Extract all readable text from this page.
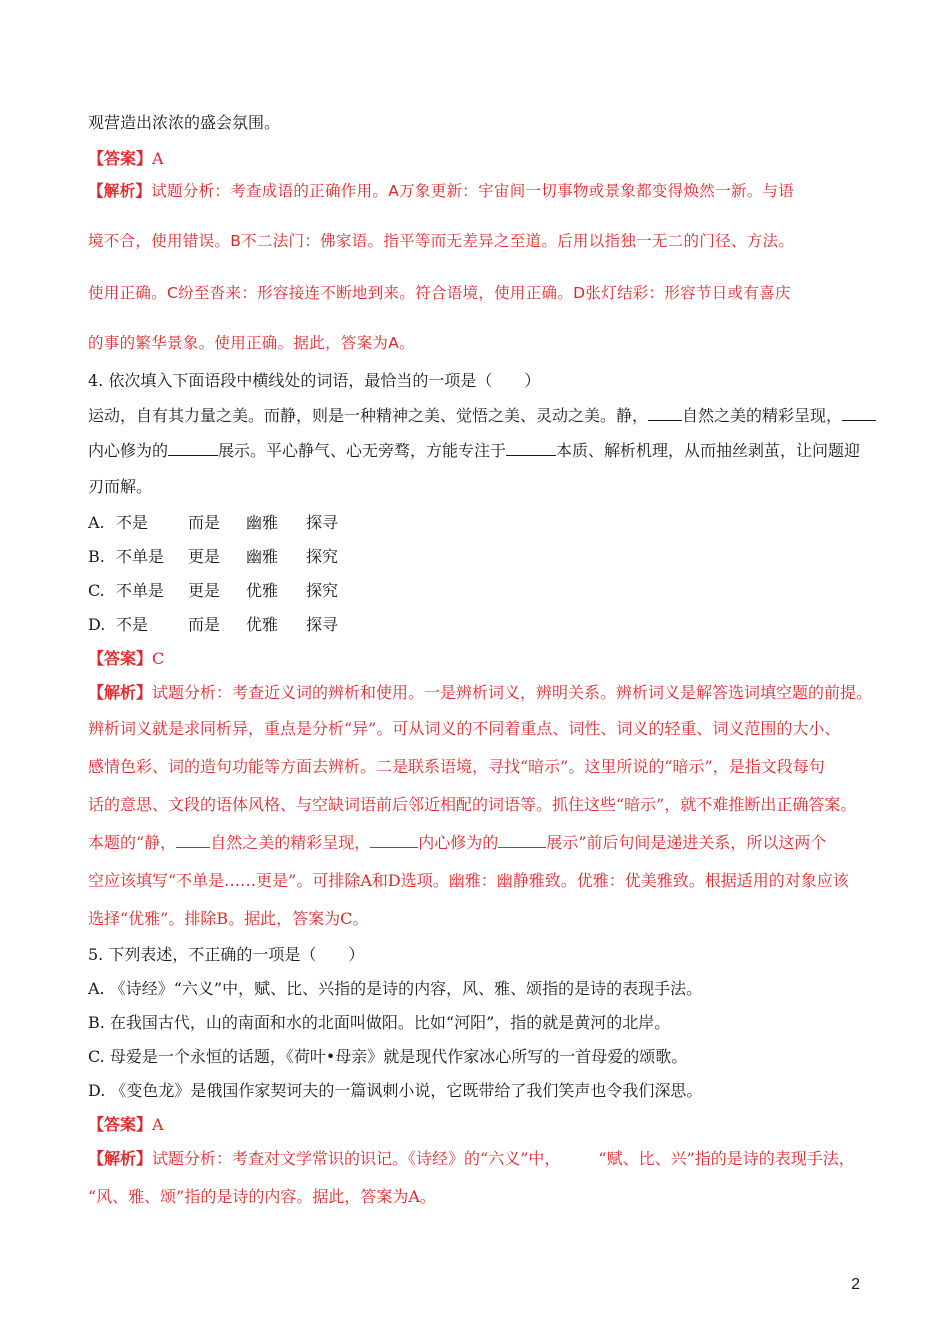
观营造出浓浓的盛会氛围。
【答案】A
【解析】试题分析：考查成语的正确作用。A万象更新：宇宙间一切事物或景象都变得焕然一新。与语
境不合，使用错误。B不二法门：佛家语。指平等而无差异之至道。后用以指独一无二的门径、方法。
使用正确。C纷至沓来：形容接连不断地到来。符合语境，使用正确。D张灯结彩：形容节日或有喜庆
的事的繁华景象。使用正确。据此，答案为A。
4. 依次填入下面语段中横线处的词语，最恰当的一项是（　　）
运动，自有其力量之美。而静，则是一种精神之美、觉悟之美、灵动之美。静， 自然之美的精彩呈现，
内心修为的	展示。平心静气、心无旁骛，方能专注于	本质、解析机理，从而抽丝剥茧，让问题迎
刃而解。
A. 不是	而是	幽雅	探寻
B. 不单是	更是	幽雅	探究
C. 不单是	更是	优雅	探究
D. 不是	而是	优雅	探寻
【答案】C
【解析】试题分析：考查近义词的辨析和使用。一是辨析词义，辨明关系。辨析词义是解答选词填空题的前提。
辨析词义就是求同析异，重点是分析“异”。可从词义的不同着重点、词性、词义的轻重、词义范围的大小、
感情色彩、词的造句功能等方面去辨析。二是联系语境，寻找“暗示”。这里所说的“暗示”，是指文段每句
话的意思、文段的语体风格、与空缺词语前后邻近相配的词语等。抓住这些“暗示”，就不难推断出正确答案。
本题的“静， 自然之美的精彩呈现，	内心修为的	展示”前后句间是递进关系，所以这两个
空应该填写“不单是……更是”。可排除A和D选项。幽雅：幽静雅致。优雅：优美雅致。根据适用的对象应该
选择“优雅”。排除B。据此，答案为C。
5. 下列表述，不正确的一项是（　　）
A. 《诗经》“六义”中，赋、比、兴指的是诗的内容，风、雅、颂指的是诗的表现手法。
B. 在我国古代，山的南面和水的北面叫做阳。比如“河阳”，指的就是黄河的北岸。
C. 母爱是一个永恒的话题，《荷叶•母亲》就是现代作家冰心所写的一首母爱的颂歌。
D. 《变色龙》是俄国作家契诃夫的一篇讽刺小说，它既带给了我们笑声也令我们深思。
【答案】A
【解析】试题分析：考查对文学常识的识记。《诗经》的“六义”中， “赋、比、兴”指的是诗的表现手法，
“风、雅、颂”指的是诗的内容。据此，答案为A。
2
